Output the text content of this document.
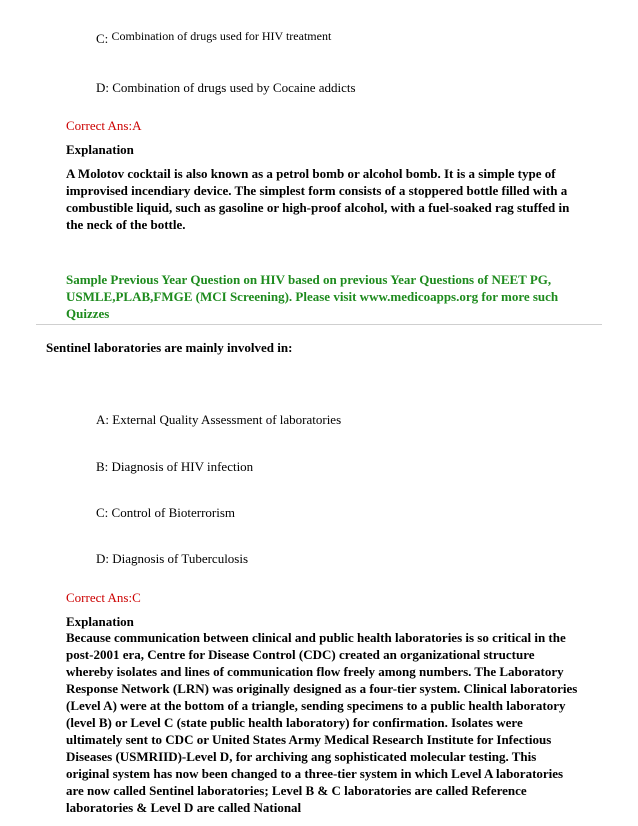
C: Combination of drugs used for HIV treatment
D: Combination of drugs used by Cocaine addicts
Correct Ans:A
Explanation

A Molotov cocktail is also known as a petrol bomb or alcohol bomb. It is a simple type of improvised incendiary device. The simplest form consists of a stoppered bottle filled with a combustible liquid, such as gasoline or high-proof alcohol, with a fuel-soaked rag stuffed in the neck of the bottle.

Sample Previous Year Question on HIV based on previous Year Questions of NEET PG, USMLE,PLAB,FMGE (MCI Screening). Please visit www.medicoapps.org for more such Quizzes

Sentinel laboratories are mainly involved in:
A: External Quality Assessment of laboratories
B: Diagnosis of HIV infection
C: Control of Bioterrorism
D: Diagnosis of Tuberculosis
Correct Ans:C
Explanation

Because communication between clinical and public health laboratories is so critical in the post-2001 era, Centre for Disease Control (CDC) created an organizational structure whereby isolates and lines of communication flow freely among numbers. The Laboratory Response Network (LRN) was originally designed as a four-tier system. Clinical laboratories (Level A) were at the bottom of a triangle, sending specimens to a public health laboratory (level B) or Level C (state public health laboratory) for confirmation. Isolates were ultimately sent to CDC or United States Army Medical Research Institute for Infectious Diseases (USMRIID)-Level D, for archiving ang sophisticated molecular testing. This original system has now been changed to a three-tier system in which Level A laboratories are now called Sentinel laboratories; Level B & C laboratories are called Reference laboratories & Level D are called National
